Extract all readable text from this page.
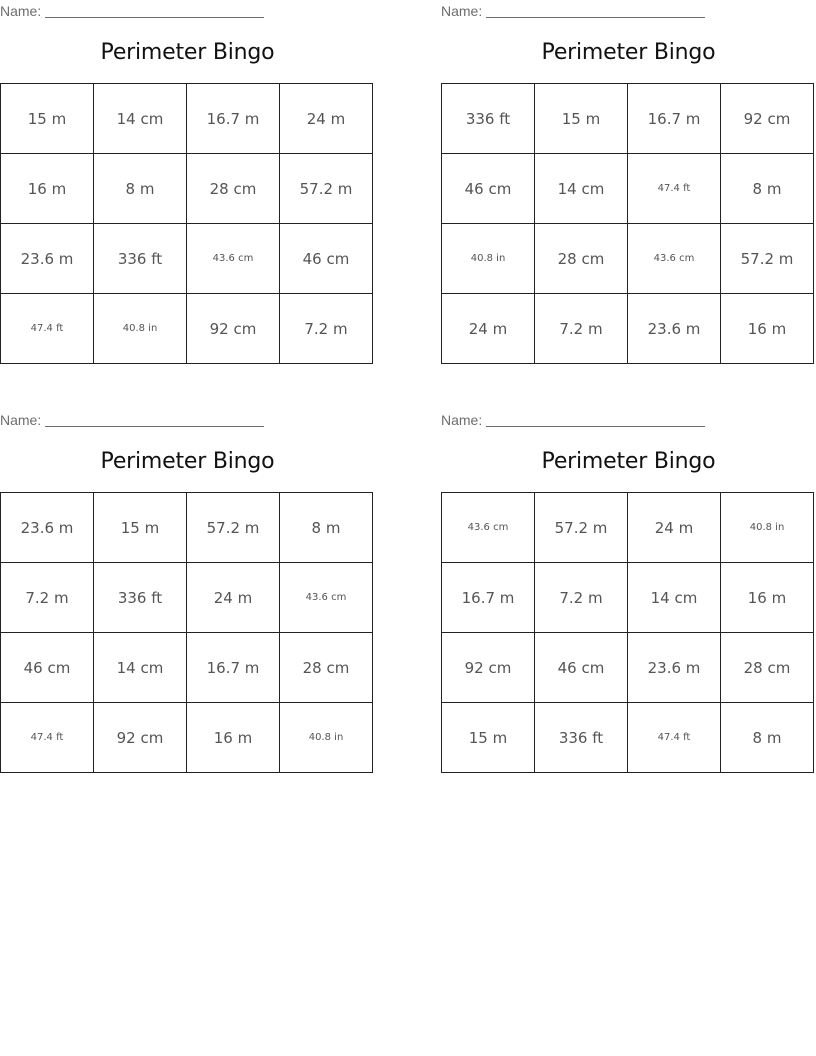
Name:
Perimeter Bingo
15 m	14 cm	16.7 m	24 m
16 m	8 m	28 cm	57.2 m
23.6 m	336 ft	43.6 cm	46 cm
47.4 ft	40.8 in	92 cm	7.2 m
Name:
Perimeter Bingo
336 ft	15 m	16.7 m	92 cm
46 cm	14 cm	47.4 ft	8 m
40.8 in	28 cm	43.6 cm	57.2 m
24 m	7.2 m	23.6 m	16 m
Name:
Perimeter Bingo
23.6 m	15 m	57.2 m	8 m
7.2 m	336 ft	24 m	43.6 cm
46 cm	14 cm	16.7 m	28 cm
47.4 ft	92 cm	16 m	40.8 in
Name:
Perimeter Bingo
43.6 cm	57.2 m	24 m	40.8 in
16.7 m	7.2 m	14 cm	16 m
92 cm	46 cm	23.6 m	28 cm
15 m	336 ft	47.4 ft	8 m
